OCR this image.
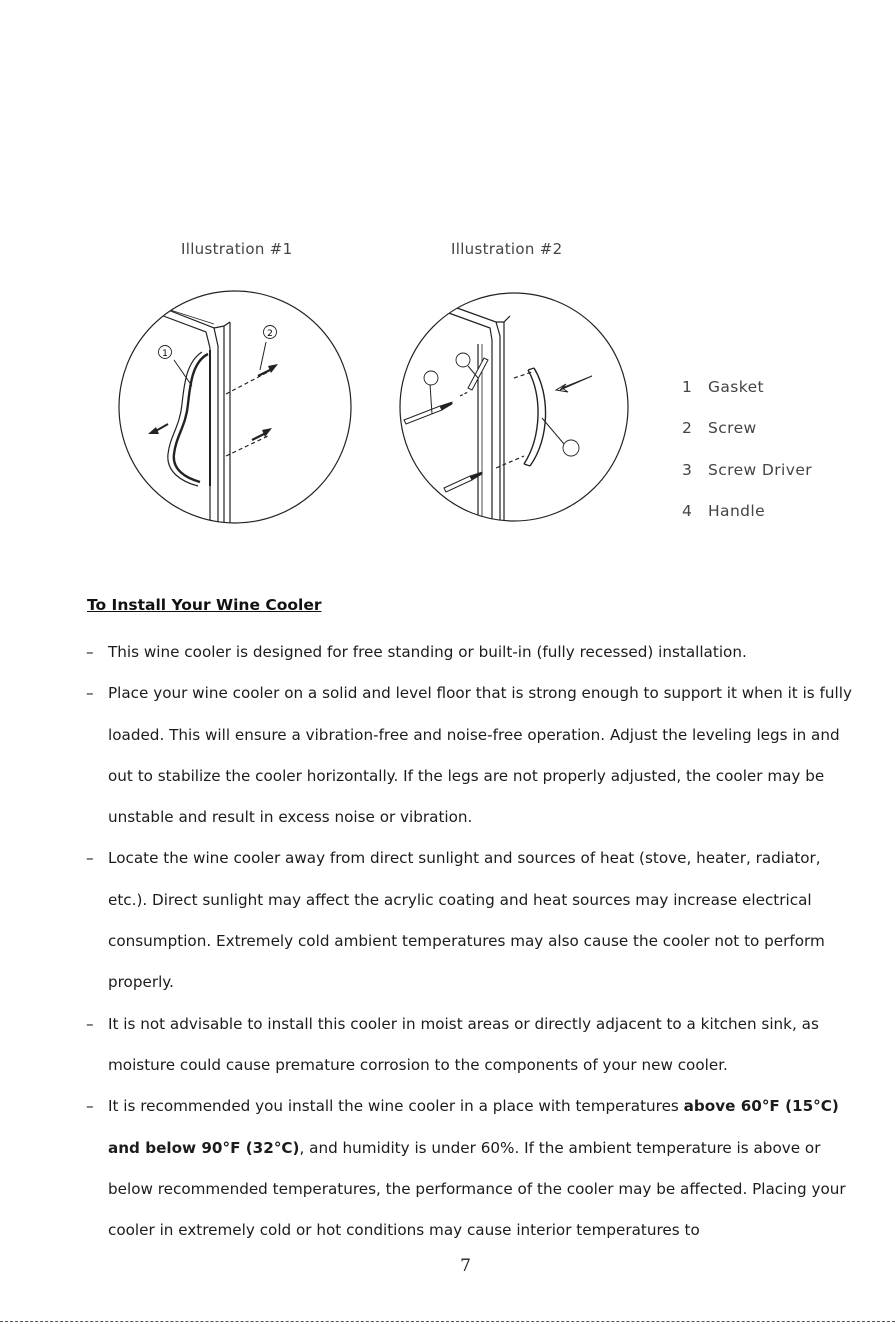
Illustration #1	Illustration #2
1
2
1 Gasket
2 Screw
3 Screw Driver
4 Handle
To Install Your Wine Cooler
– This wine cooler is designed for free standing or built-in (fully recessed) installation.
– Place your wine cooler on a solid and level floor that is strong enough to support it when it is fully loaded. This will ensure a vibration-free and noise-free operation. Adjust the leveling legs in and out to stabilize the cooler horizontally. If the legs are not properly adjusted, the cooler may be unstable and result in excess noise or vibration.
– Locate the wine cooler away from direct sunlight and sources of heat (stove, heater, radiator, etc.). Direct sunlight may affect the acrylic coating and heat sources may increase electrical consumption. Extremely cold ambient temperatures may also cause the cooler not to perform properly.
– It is not advisable to install this cooler in moist areas or directly adjacent to a kitchen sink, as moisture could cause premature corrosion to the components of your new cooler.
– It is recommended you install the wine cooler in a place with temperatures above 60°F (15°C) and below 90°F (32°C), and humidity is under 60%. If the ambient temperature is above or below recommended temperatures, the performance of the cooler may be affected. Placing your cooler in extremely cold or hot conditions may cause interior temperatures to
7
